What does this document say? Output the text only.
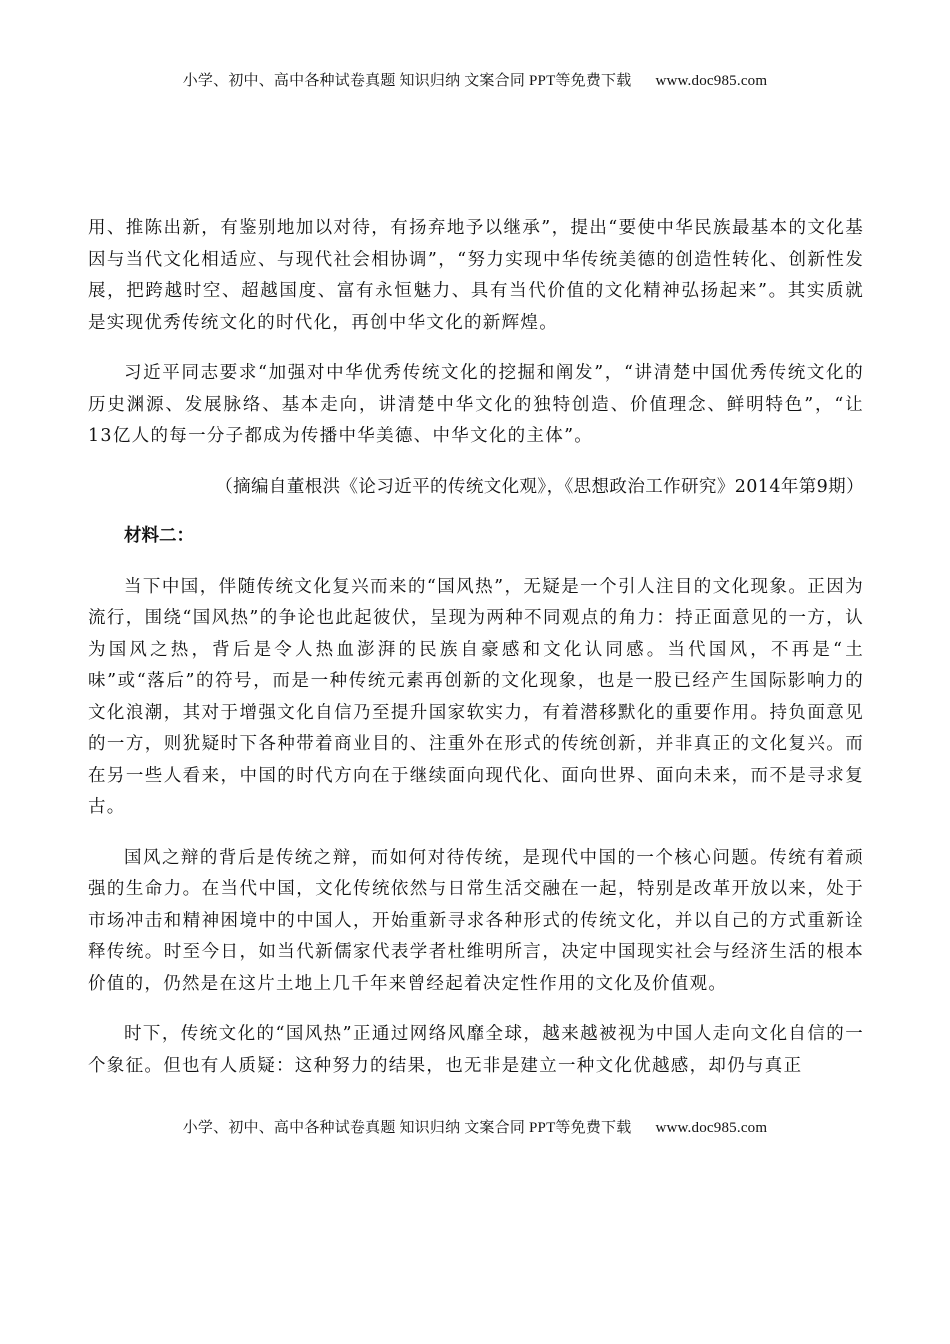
小学、初中、高中各种试卷真题 知识归纳 文案合同 PPT等免费下载 www.doc985.com

用、推陈出新，有鉴别地加以对待，有扬弃地予以继承”，提出“要使中华民族最基本的文化基因与当代文化相适应、与现代社会相协调”，“努力实现中华传统美德的创造性转化、创新性发展，把跨越时空、超越国度、富有永恒魅力、具有当代价值的文化精神弘扬起来”。其实质就是实现优秀传统文化的时代化，再创中华文化的新辉煌。

习近平同志要求“加强对中华优秀传统文化的挖掘和阐发”，“讲清楚中国优秀传统文化的历史渊源、发展脉络、基本走向，讲清楚中华文化的独特创造、价值理念、鲜明特色”，“让13亿人的每一分子都成为传播中华美德、中华文化的主体”。

（摘编自董根洪《论习近平的传统文化观》，《思想政治工作研究》2014年第9期）

材料二：

当下中国，伴随传统文化复兴而来的“国风热”，无疑是一个引人注目的文化现象。正因为流行，围绕“国风热”的争论也此起彼伏，呈现为两种不同观点的角力：持正面意见的一方，认为国风之热，背后是令人热血澎湃的民族自豪感和文化认同感。当代国风，不再是“土味”或“落后”的符号，而是一种传统元素再创新的文化现象，也是一股已经产生国际影响力的文化浪潮，其对于增强文化自信乃至提升国家软实力，有着潜移默化的重要作用。持负面意见的一方，则犹疑时下各种带着商业目的、注重外在形式的传统创新，并非真正的文化复兴。而在另一些人看来，中国的时代方向在于继续面向现代化、面向世界、面向未来，而不是寻求复古。

国风之辩的背后是传统之辩，而如何对待传统，是现代中国的一个核心问题。传统有着顽强的生命力。在当代中国，文化传统依然与日常生活交融在一起，特别是改革开放以来，处于市场冲击和精神困境中的中国人，开始重新寻求各种形式的传统文化，并以自己的方式重新诠释传统。时至今日，如当代新儒家代表学者杜维明所言，决定中国现实社会与经济生活的根本价值的，仍然是在这片土地上几千年来曾经起着决定性作用的文化及价值观。

时下，传统文化的“国风热”正通过网络风靡全球，越来越被视为中国人走向文化自信的一个象征。但也有人质疑：这种努力的结果，也无非是建立一种文化优越感，却仍与真正

小学、初中、高中各种试卷真题 知识归纳 文案合同 PPT等免费下载 www.doc985.com
